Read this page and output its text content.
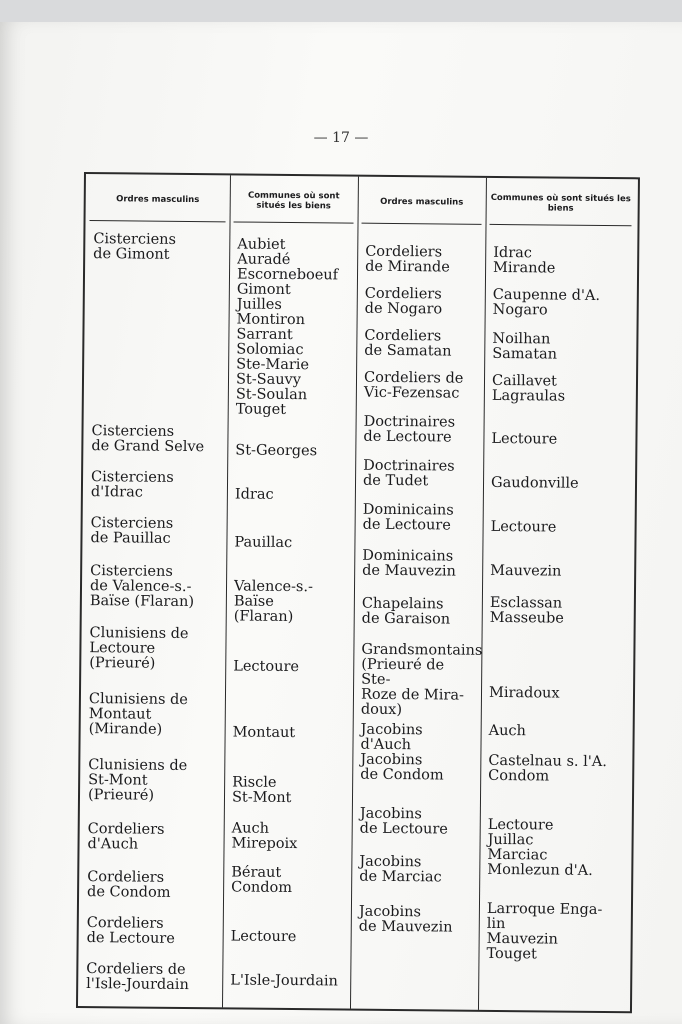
— 17 —
Ordres masculins
Cisterciens
de Gimont
Cisterciens
de Grand Selve
Cisterciens
d'Idrac
Cisterciens
de Pauillac
Cisterciens
de Valence-s.-
Baïse (Flaran)
Clunisiens de
Lectoure
(Prieuré)
Clunisiens de
Montaut
(Mirande)
Clunisiens de
St-Mont
(Prieuré)
Cordeliers
d'Auch
Cordeliers
de Condom
Cordeliers
de Lectoure
Cordeliers de
l'Isle-Jourdain
Communes où sont situés les biens
Aubiet
Auradé
Escorneboeuf
Gimont
Juilles
Montiron
Sarrant
Solomiac
Ste-Marie
St-Sauvy
St-Soulan
Touget
St-Georges
Idrac
Pauillac
Valence-s.-Baïse
(Flaran)
Lectoure
Montaut
Riscle
St-Mont
Auch
Mirepoix
Béraut
Condom
Lectoure
L'Isle-Jourdain
Ordres masculins
Cordeliers
de Mirande
Cordeliers
de Nogaro
Cordeliers
de Samatan
Cordeliers de
Vic-Fezensac
Doctrinaires
de Lectoure
Doctrinaires
de Tudet
Dominicains
de Lectoure
Dominicains
de Mauvezin
Chapelains
de Garaison
Grandsmontains
(Prieuré de Ste-
Roze de Mira-
doux)
Jacobins d'Auch
Jacobins
de Condom
Jacobins
de Lectoure
Jacobins
de Marciac
Jacobins
de Mauvezin
Communes où sont situés les biens
Idrac
Mirande
Caupenne d'A.
Nogaro
Noilhan
Samatan
Caillavet
Lagraulas
Lectoure
Gaudonville
Lectoure
Mauvezin
Esclassan
Masseube
Miradoux
Auch
Castelnau s. l'A.
Condom
Lectoure
Juillac
Marciac
Monlezun d'A.
Larroque Enga-
lin
Mauvezin
Touget
